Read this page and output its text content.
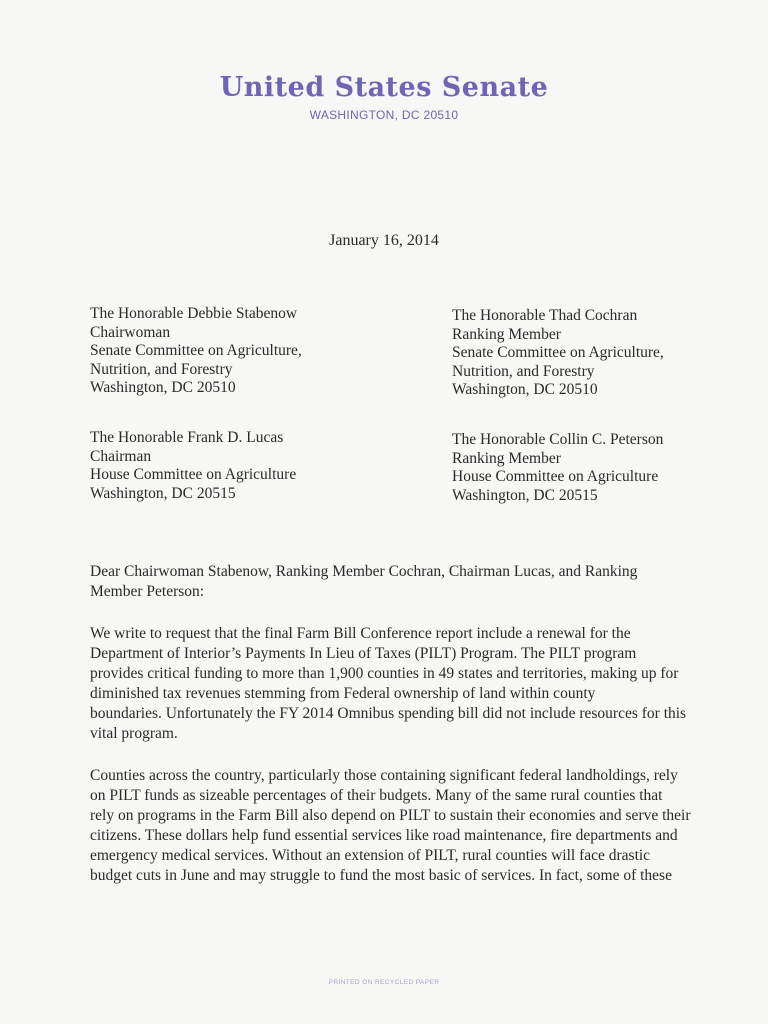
United States Senate
WASHINGTON, DC 20510
January 16, 2014
The Honorable Debbie Stabenow
Chairwoman
Senate Committee on Agriculture,
Nutrition, and Forestry
Washington, DC 20510
The Honorable Thad Cochran
Ranking Member
Senate Committee on Agriculture,
Nutrition, and Forestry
Washington, DC 20510
The Honorable Frank D. Lucas
Chairman
House Committee on Agriculture
Washington, DC 20515
The Honorable Collin C. Peterson
Ranking Member
House Committee on Agriculture
Washington, DC 20515
Dear Chairwoman Stabenow, Ranking Member Cochran, Chairman Lucas, and Ranking Member Peterson:
We write to request that the final Farm Bill Conference report include a renewal for the
Department of Interior’s Payments In Lieu of Taxes (PILT) Program. The PILT program
provides critical funding to more than 1,900 counties in 49 states and territories, making up for
diminished tax revenues stemming from Federal ownership of land within county
boundaries. Unfortunately the FY 2014 Omnibus spending bill did not include resources for this
vital program.
Counties across the country, particularly those containing significant federal landholdings, rely
on PILT funds as sizeable percentages of their budgets. Many of the same rural counties that
rely on programs in the Farm Bill also depend on PILT to sustain their economies and serve their
citizens. These dollars help fund essential services like road maintenance, fire departments and
emergency medical services. Without an extension of PILT, rural counties will face drastic
budget cuts in June and may struggle to fund the most basic of services. In fact, some of these
PRINTED ON RECYCLED PAPER
